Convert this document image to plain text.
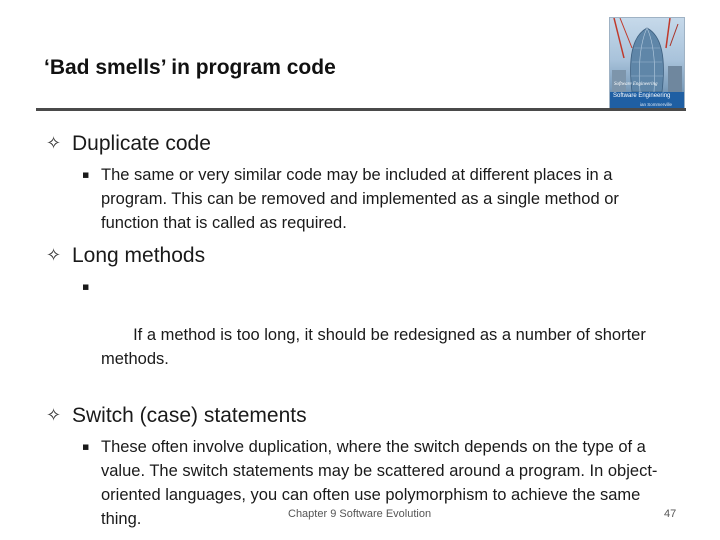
‘Bad smells’ in program code
Software Engineering
Software Engineering
ian Sommerville
✧ Duplicate code
▪ The same or very similar code may be included at different places in a program. This can be removed and implemented as a single method or function that is called as required.
✧ Long methods

▪

If a method is too long, it should be redesigned as a number of shorter methods.

✧ Switch (case) statements
▪ These often involve duplication, where the switch depends on the type of a value. The switch statements may be scattered around a program. In object-oriented languages, you can often use polymorphism to achieve the same thing.	Chapter 9 Software Evolution	47
